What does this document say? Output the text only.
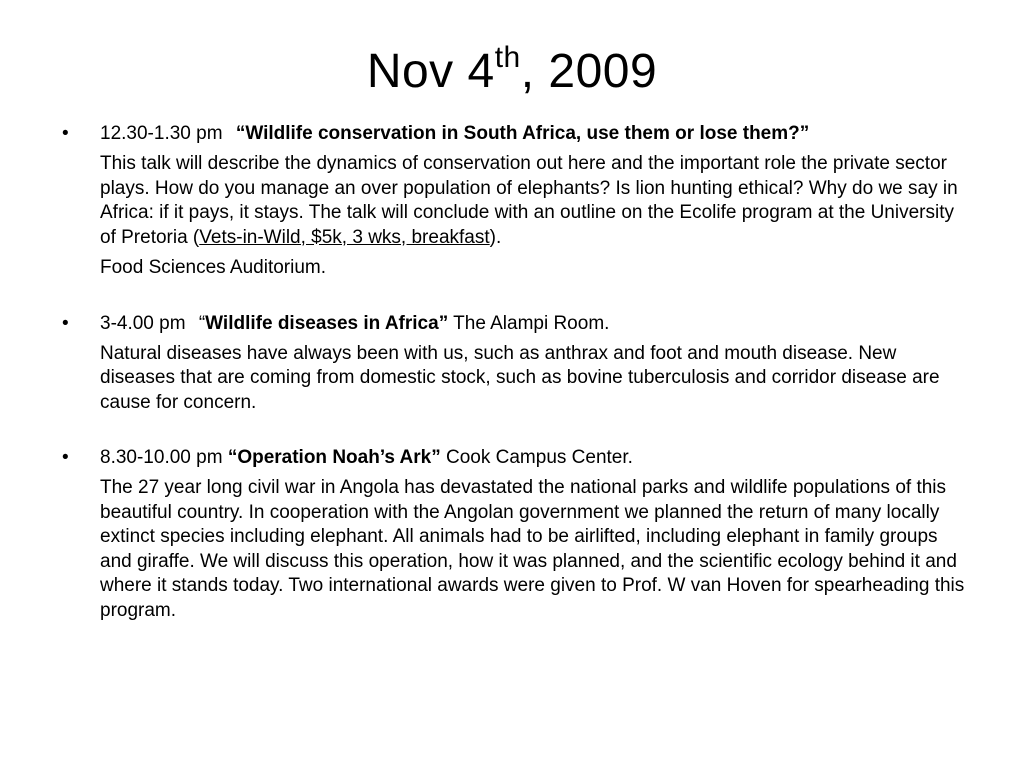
Nov 4th, 2009
• 12.30-1.30 pm “Wildlife conservation in South Africa, use them or lose them?”

This talk will describe the dynamics of conservation out here and the important role the private sector plays. How do you manage an over population of elephants? Is lion hunting ethical? Why do we say in Africa: if it pays, it stays. The talk will conclude with an outline on the Ecolife program at the University of Pretoria (Vets-in-Wild, $5k, 3 wks, breakfast).

Food Sciences Auditorium.

• 3-4.00 pm “Wildlife diseases in Africa” The Alampi Room.

Natural diseases have always been with us, such as anthrax and foot and mouth disease. New diseases that are coming from domestic stock, such as bovine tuberculosis and corridor disease are cause for concern.

• 8.30-10.00 pm “Operation Noah’s Ark” Cook Campus Center.

The 27 year long civil war in Angola has devastated the national parks and wildlife populations of this beautiful country. In cooperation with the Angolan government we planned the return of many locally extinct species including elephant. All animals had to be airlifted, including elephant in family groups and giraffe. We will discuss this operation, how it was planned, and the scientific ecology behind it and where it stands today. Two international awards were given to Prof. W van Hoven for spearheading this program.
